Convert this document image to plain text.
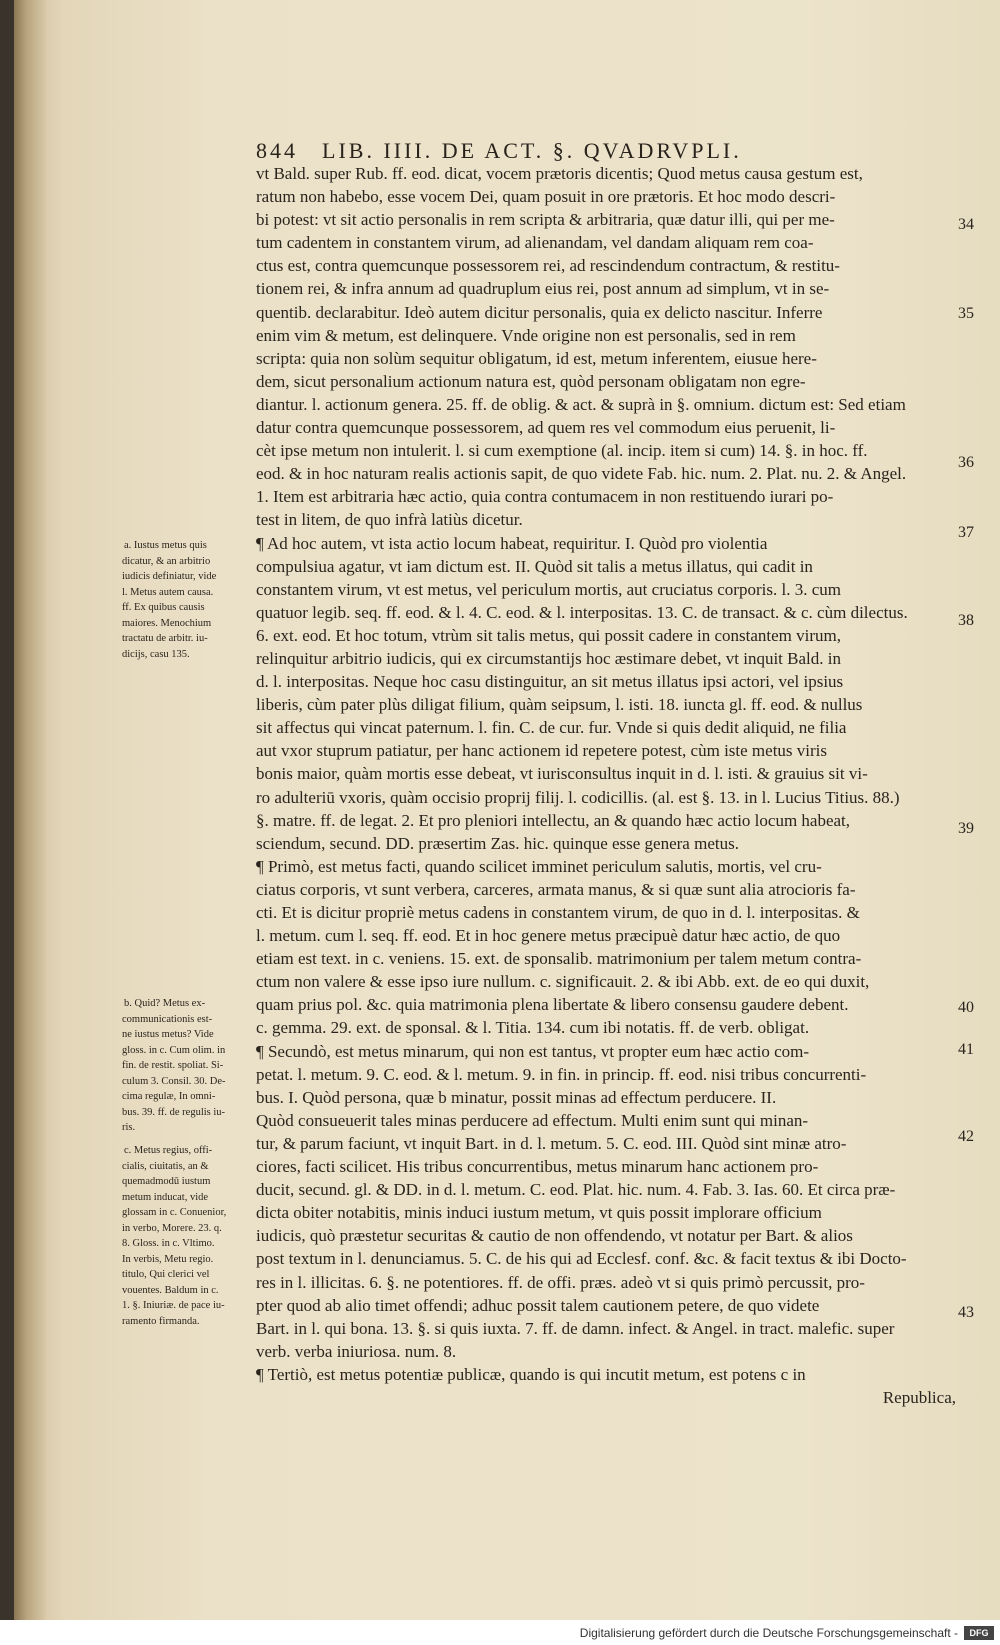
844 LIB. IIII. DE ACT. §. QVADRVPLI.
vt Bald. super Rub. ff. eod. dicat, vocem prætoris dicentis; Quod metus causa gestum est,
ratum non habebo, esse vocem Dei, quam posuit in ore prætoris. Et hoc modo descri-
bi potest: vt sit actio personalis in rem scripta & arbitraria, quæ datur illi, qui per me-
tum cadentem in constantem virum, ad alienandam, vel dandam aliquam rem coa-
ctus est, contra quemcunque possessorem rei, ad rescindendum contractum, & restitu-
tionem rei, & infra annum ad quadruplum eius rei, post annum ad simplum, vt in se-
quentib. declarabitur. Ideò autem dicitur personalis, quia ex delicto nascitur. Inferre
enim vim & metum, est delinquere. Vnde origine non est personalis, sed in rem
scripta: quia non solùm sequitur obligatum, id est, metum inferentem, eiusue here-
dem, sicut personalium actionum natura est, quòd personam obligatam non egre-
diantur. l. actionum genera. 25. ff. de oblig. & act. & suprà in §. omnium. dictum est: Sed etiam
datur contra quemcunque possessorem, ad quem res vel commodum eius peruenit, li-
cèt ipse metum non intulerit. l. si cum exemptione (al. incip. item si cum) 14. §. in hoc. ff.
eod. & in hoc naturam realis actionis sapit, de quo videte Fab. hic. num. 2. Plat. nu. 2. & Angel.
1. Item est arbitraria hæc actio, quia contra contumacem in non restituendo iurari po-
test in litem, de quo infrà latiùs dicetur.
¶ Ad hoc autem, vt ista actio locum habeat, requiritur. I. Quòd pro violentia
compulsiua agatur, vt iam dictum est. II. Quòd sit talis a metus illatus, qui cadit in
constantem virum, vt est metus, vel periculum mortis, aut cruciatus corporis. l. 3. cum
quatuor legib. seq. ff. eod. & l. 4. C. eod. & l. interpositas. 13. C. de transact. & c. cùm dilectus.
6. ext. eod. Et hoc totum, vtrùm sit talis metus, qui possit cadere in constantem virum,
relinquitur arbitrio iudicis, qui ex circumstantijs hoc æstimare debet, vt inquit Bald. in
d. l. interpositas. Neque hoc casu distinguitur, an sit metus illatus ipsi actori, vel ipsius
liberis, cùm pater plùs diligat filium, quàm seipsum, l. isti. 18. iuncta gl. ff. eod. & nullus
sit affectus qui vincat paternum. l. fin. C. de cur. fur. Vnde si quis dedit aliquid, ne filia
aut vxor stuprum patiatur, per hanc actionem id repetere potest, cùm iste metus viris
bonis maior, quàm mortis esse debeat, vt iurisconsultus inquit in d. l. isti. & grauius sit vi-
ro adulteriū vxoris, quàm occisio proprij filij. l. codicillis. (al. est §. 13. in l. Lucius Titius. 88.)
§. matre. ff. de legat. 2. Et pro pleniori intellectu, an & quando hæc actio locum habeat,
sciendum, secund. DD. præsertim Zas. hic. quinque esse genera metus.
¶ Primò, est metus facti, quando scilicet imminet periculum salutis, mortis, vel cru-
ciatus corporis, vt sunt verbera, carceres, armata manus, & si quæ sunt alia atrocioris fa-
cti. Et is dicitur propriè metus cadens in constantem virum, de quo in d. l. interpositas. &
l. metum. cum l. seq. ff. eod. Et in hoc genere metus præcipuè datur hæc actio, de quo
etiam est text. in c. veniens. 15. ext. de sponsalib. matrimonium per talem metum contra-
ctum non valere & esse ipso iure nullum. c. significauit. 2. & ibi Abb. ext. de eo qui duxit,
quam prius pol. &c. quia matrimonia plena libertate & libero consensu gaudere debent.
c. gemma. 29. ext. de sponsal. & l. Titia. 134. cum ibi notatis. ff. de verb. obligat.
¶ Secundò, est metus minarum, qui non est tantus, vt propter eum hæc actio com-
petat. l. metum. 9. C. eod. & l. metum. 9. in fin. in princip. ff. eod. nisi tribus concurrenti-
bus. I. Quòd persona, quæ b minatur, possit minas ad effectum perducere. II.
Quòd consueuerit tales minas perducere ad effectum. Multi enim sunt qui minan-
tur, & parum faciunt, vt inquit Bart. in d. l. metum. 5. C. eod. III. Quòd sint minæ atro-
ciores, facti scilicet. His tribus concurrentibus, metus minarum hanc actionem pro-
ducit, secund. gl. & DD. in d. l. metum. C. eod. Plat. hic. num. 4. Fab. 3. Ias. 60. Et circa præ-
dicta obiter notabitis, minis induci iustum metum, vt quis possit implorare officium
iudicis, quò præstetur securitas & cautio de non offendendo, vt notatur per Bart. & alios
post textum in l. denunciamus. 5. C. de his qui ad Ecclesf. conf. &c. & facit textus & ibi Docto-
res in l. illicitas. 6. §. ne potentiores. ff. de offi. præs. adeò vt si quis primò percussit, pro-
pter quod ab alio timet offendi; adhuc possit talem cautionem petere, de quo videte
Bart. in l. qui bona. 13. §. si quis iuxta. 7. ff. de damn. infect. & Angel. in tract. malefic. super
verb. verba iniuriosa. num. 8.
¶ Tertiò, est metus potentiæ publicæ, quando is qui incutit metum, est potens c in
Republica,
a. Iustus metus quis
dicatur, & an arbitrio
iudicis definiatur, vide
l. Metus autem causa.
ff. Ex quibus causis
maiores. Menochium
tractatu de arbitr. iu-
dicijs, casu 135.
b. Quid? Metus ex-
communicationis est-
ne iustus metus? Vide
gloss. in c. Cum olim. in
fin. de restit. spoliat. Si-
culum 3. Consil. 30. De-
cima regulæ, In omni-
bus. 39. ff. de regulis iu-
ris.
c. Metus regius, offi-
cialis, ciuitatis, an &
quemadmodū iustum
metum inducat, vide
glossam in c. Conuenior,
in verbo, Morere. 23. q.
8. Gloss. in c. Vltimo.
In verbis, Metu regio.
titulo, Qui clerici vel
vouentes. Baldum in c.
1. §. Iniuriæ. de pace iu-
ramento firmanda.
34
35
36
37
38
39
40
41
42
43
Digitalisierung gefördert durch die Deutsche Forschungsgemeinschaft -	DFG
